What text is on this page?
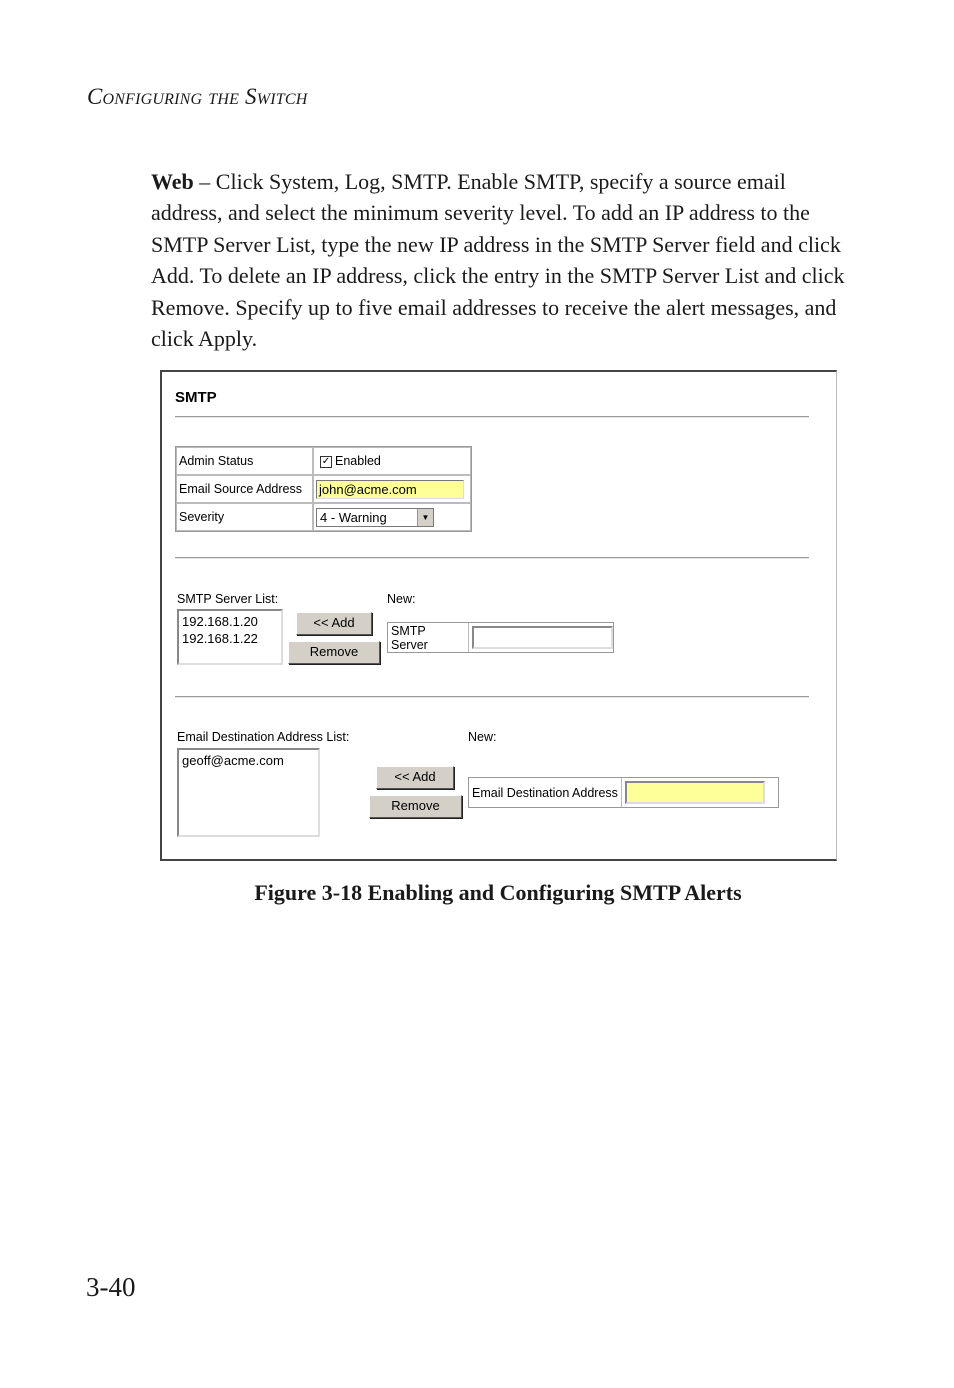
Configuring the Switch

Web – Click System, Log, SMTP. Enable SMTP, specify a source email address, and select the minimum severity level. To add an IP address to the SMTP Server List, type the new IP address in the SMTP Server field and click Add. To delete an IP address, click the entry in the SMTP Server List and click Remove. Specify up to five email addresses to receive the alert messages, and click Apply.

SMTP
Admin Status	✓ Enabled
Email Source Address	john@acme.com

Severity	4 - Warning ▼
SMTP Server List:	New:
192.168.1.20
192.168.1.22
<< Add
Remove
SMTP Server
Email Destination Address List:	New:
geoff@acme.com
<< Add
Remove
Email Destination Address
Figure 3-18 Enabling and Configuring SMTP Alerts
3-40
